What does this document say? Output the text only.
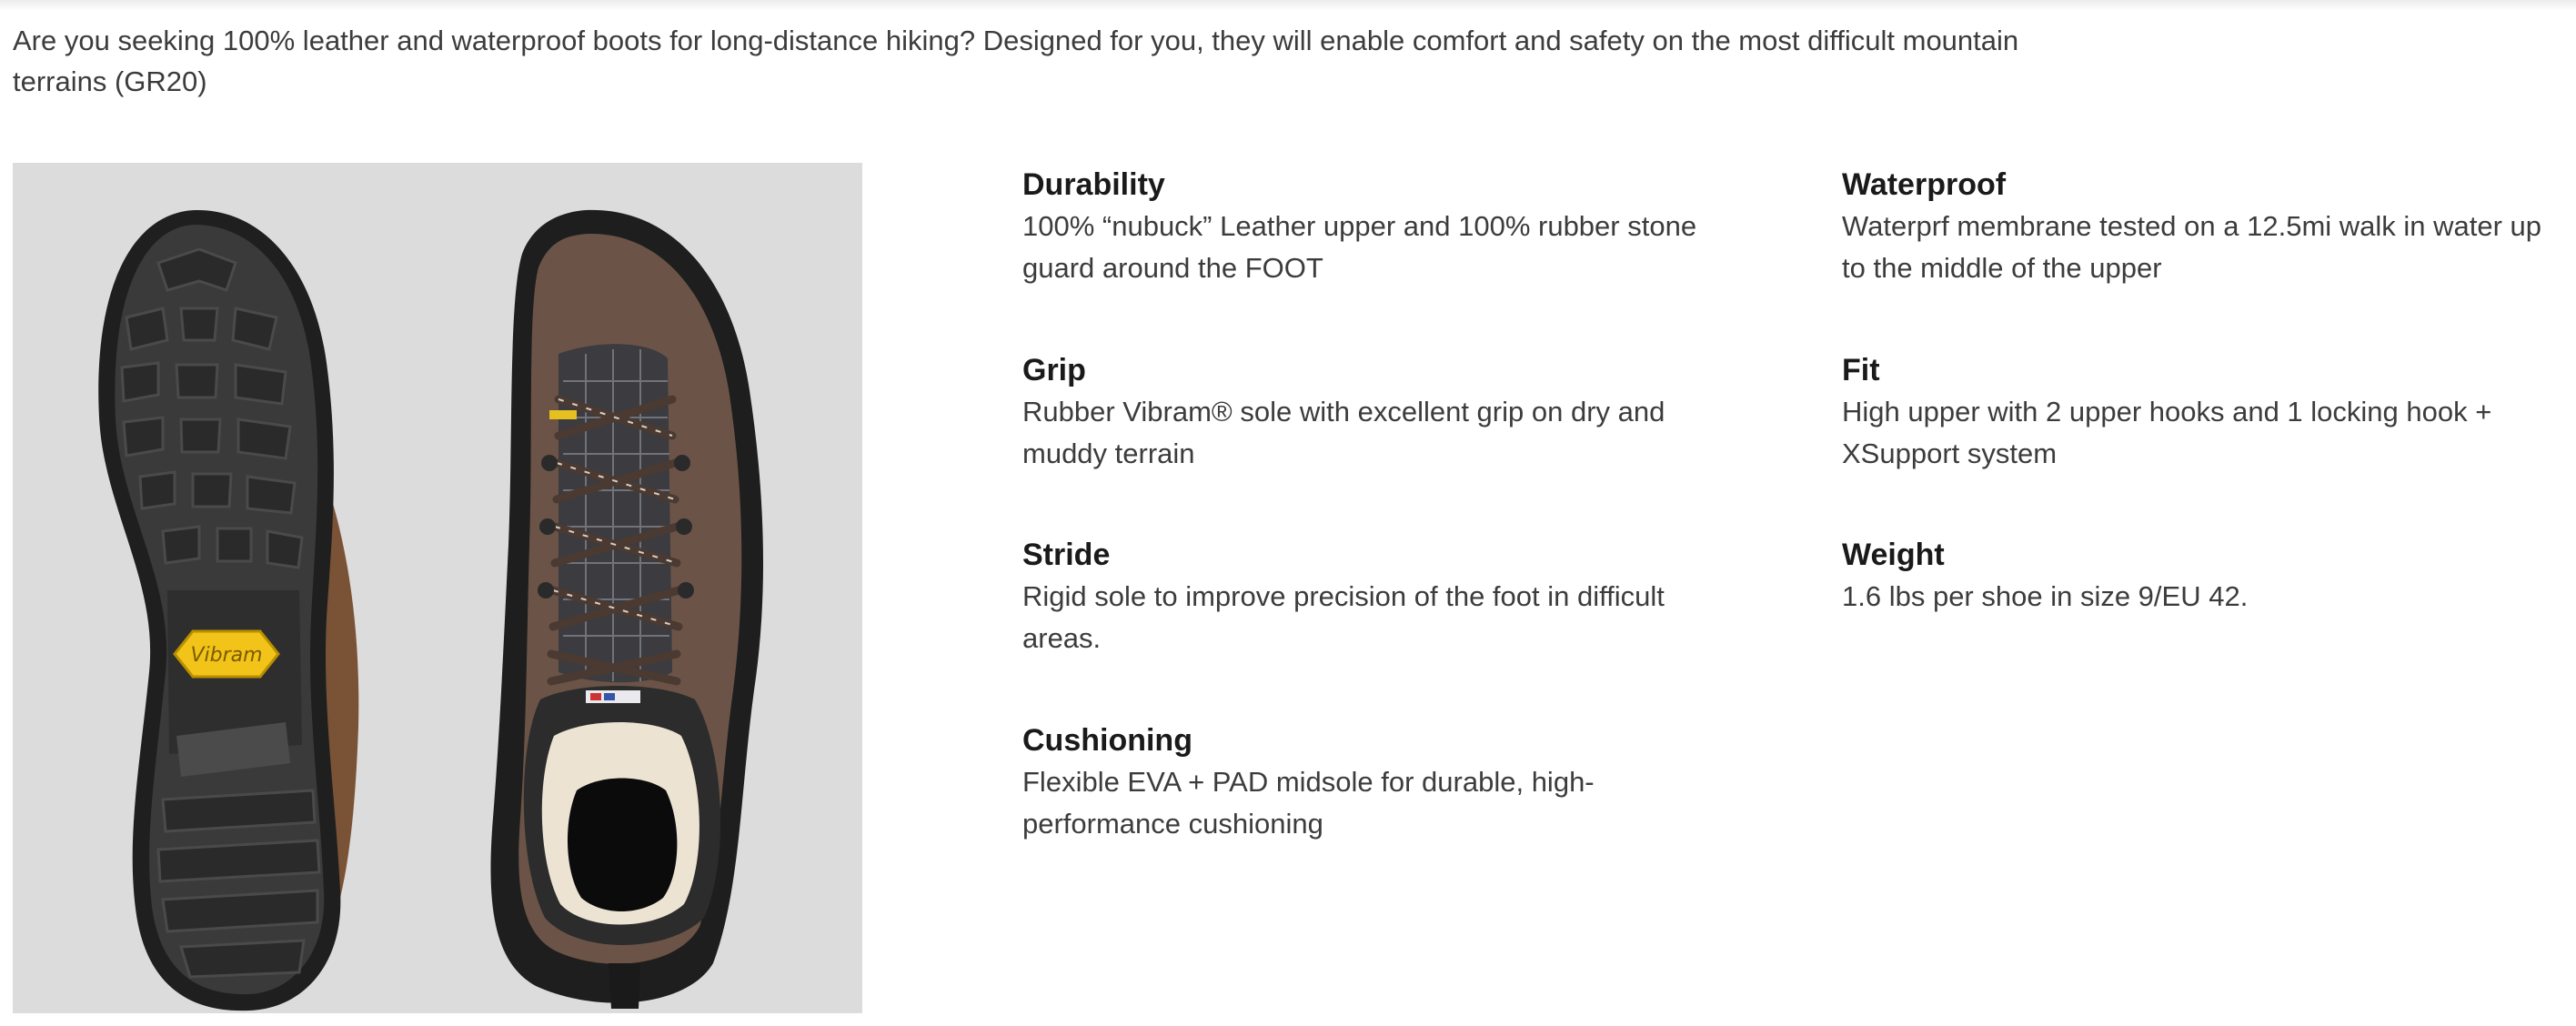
Are you seeking 100% leather and waterproof boots for long-distance hiking? Designed for you, they will enable comfort and safety on the most difficult mountain terrains (GR20)

Vibram

Durability

100% “nubuck” Leather upper and 100% rubber stone guard around the FOOT

Waterproof

Waterprf membrane tested on a 12.5mi walk in water up to the middle of the upper

Grip

Rubber Vibram® sole with excellent grip on dry and muddy terrain

Fit

High upper with 2 upper hooks and 1 locking hook + XSupport system

Stride

Rigid sole to improve precision of the foot in difficult areas.

Weight

1.6 lbs per shoe in size 9/EU 42.

Cushioning

Flexible EVA + PAD midsole for durable, high-performance cushioning
